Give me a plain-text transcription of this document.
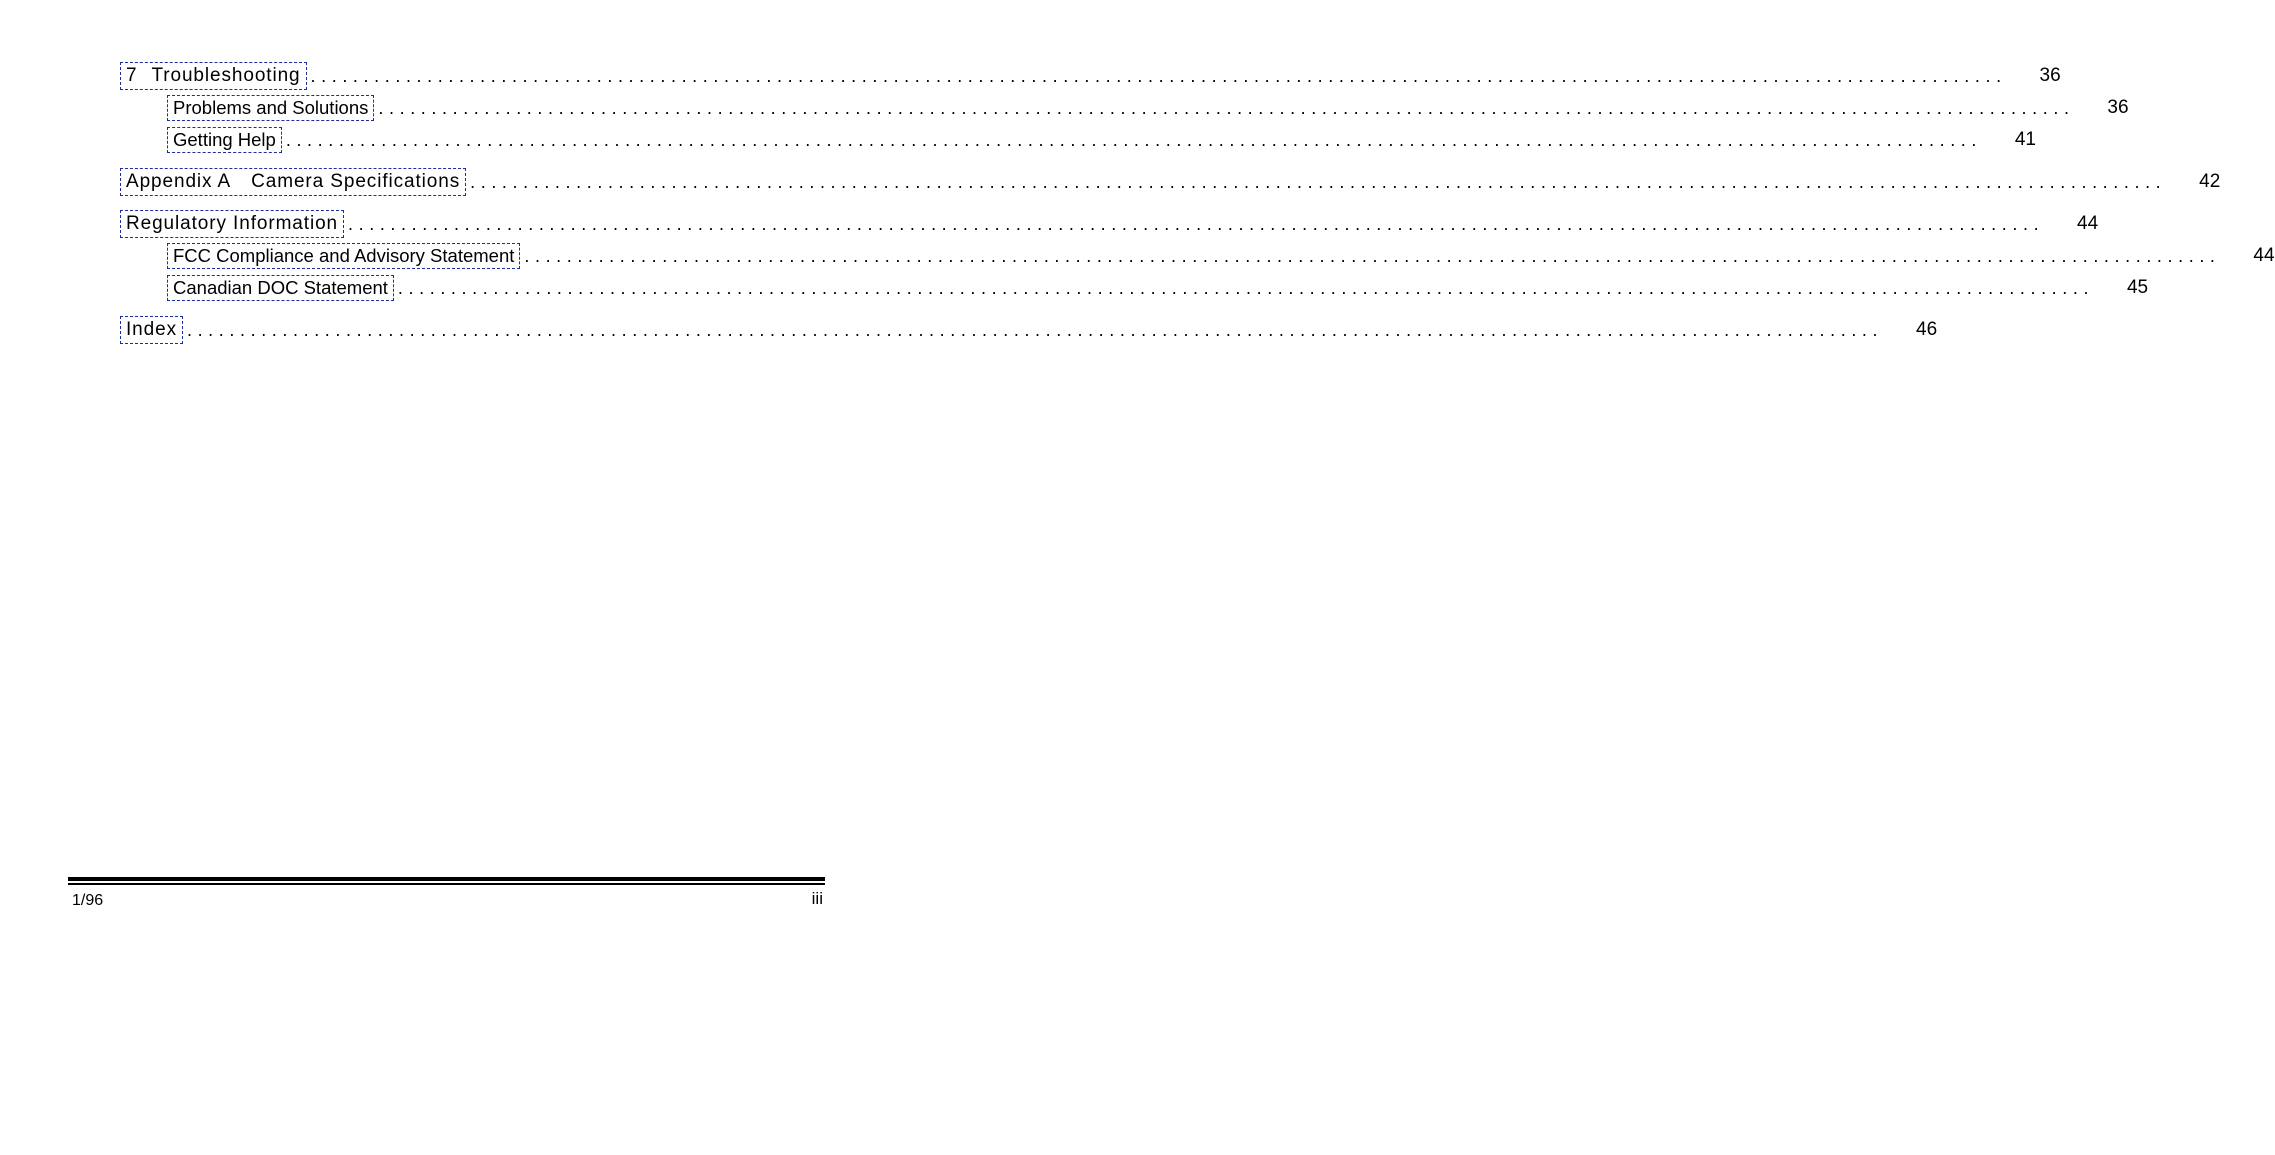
7 Troubleshooting ................................................................................................................................................................	36
Problems and Solutions ................................................................................................................................................................	36
Getting Help ................................................................................................................................................................	41
Appendix A Camera Specifications ................................................................................................................................................................	42
Regulatory Information ................................................................................................................................................................	44
FCC Compliance and Advisory Statement ................................................................................................................................................................	44
Canadian DOC Statement ................................................................................................................................................................	45
Index ................................................................................................................................................................	46
1/96	iii
